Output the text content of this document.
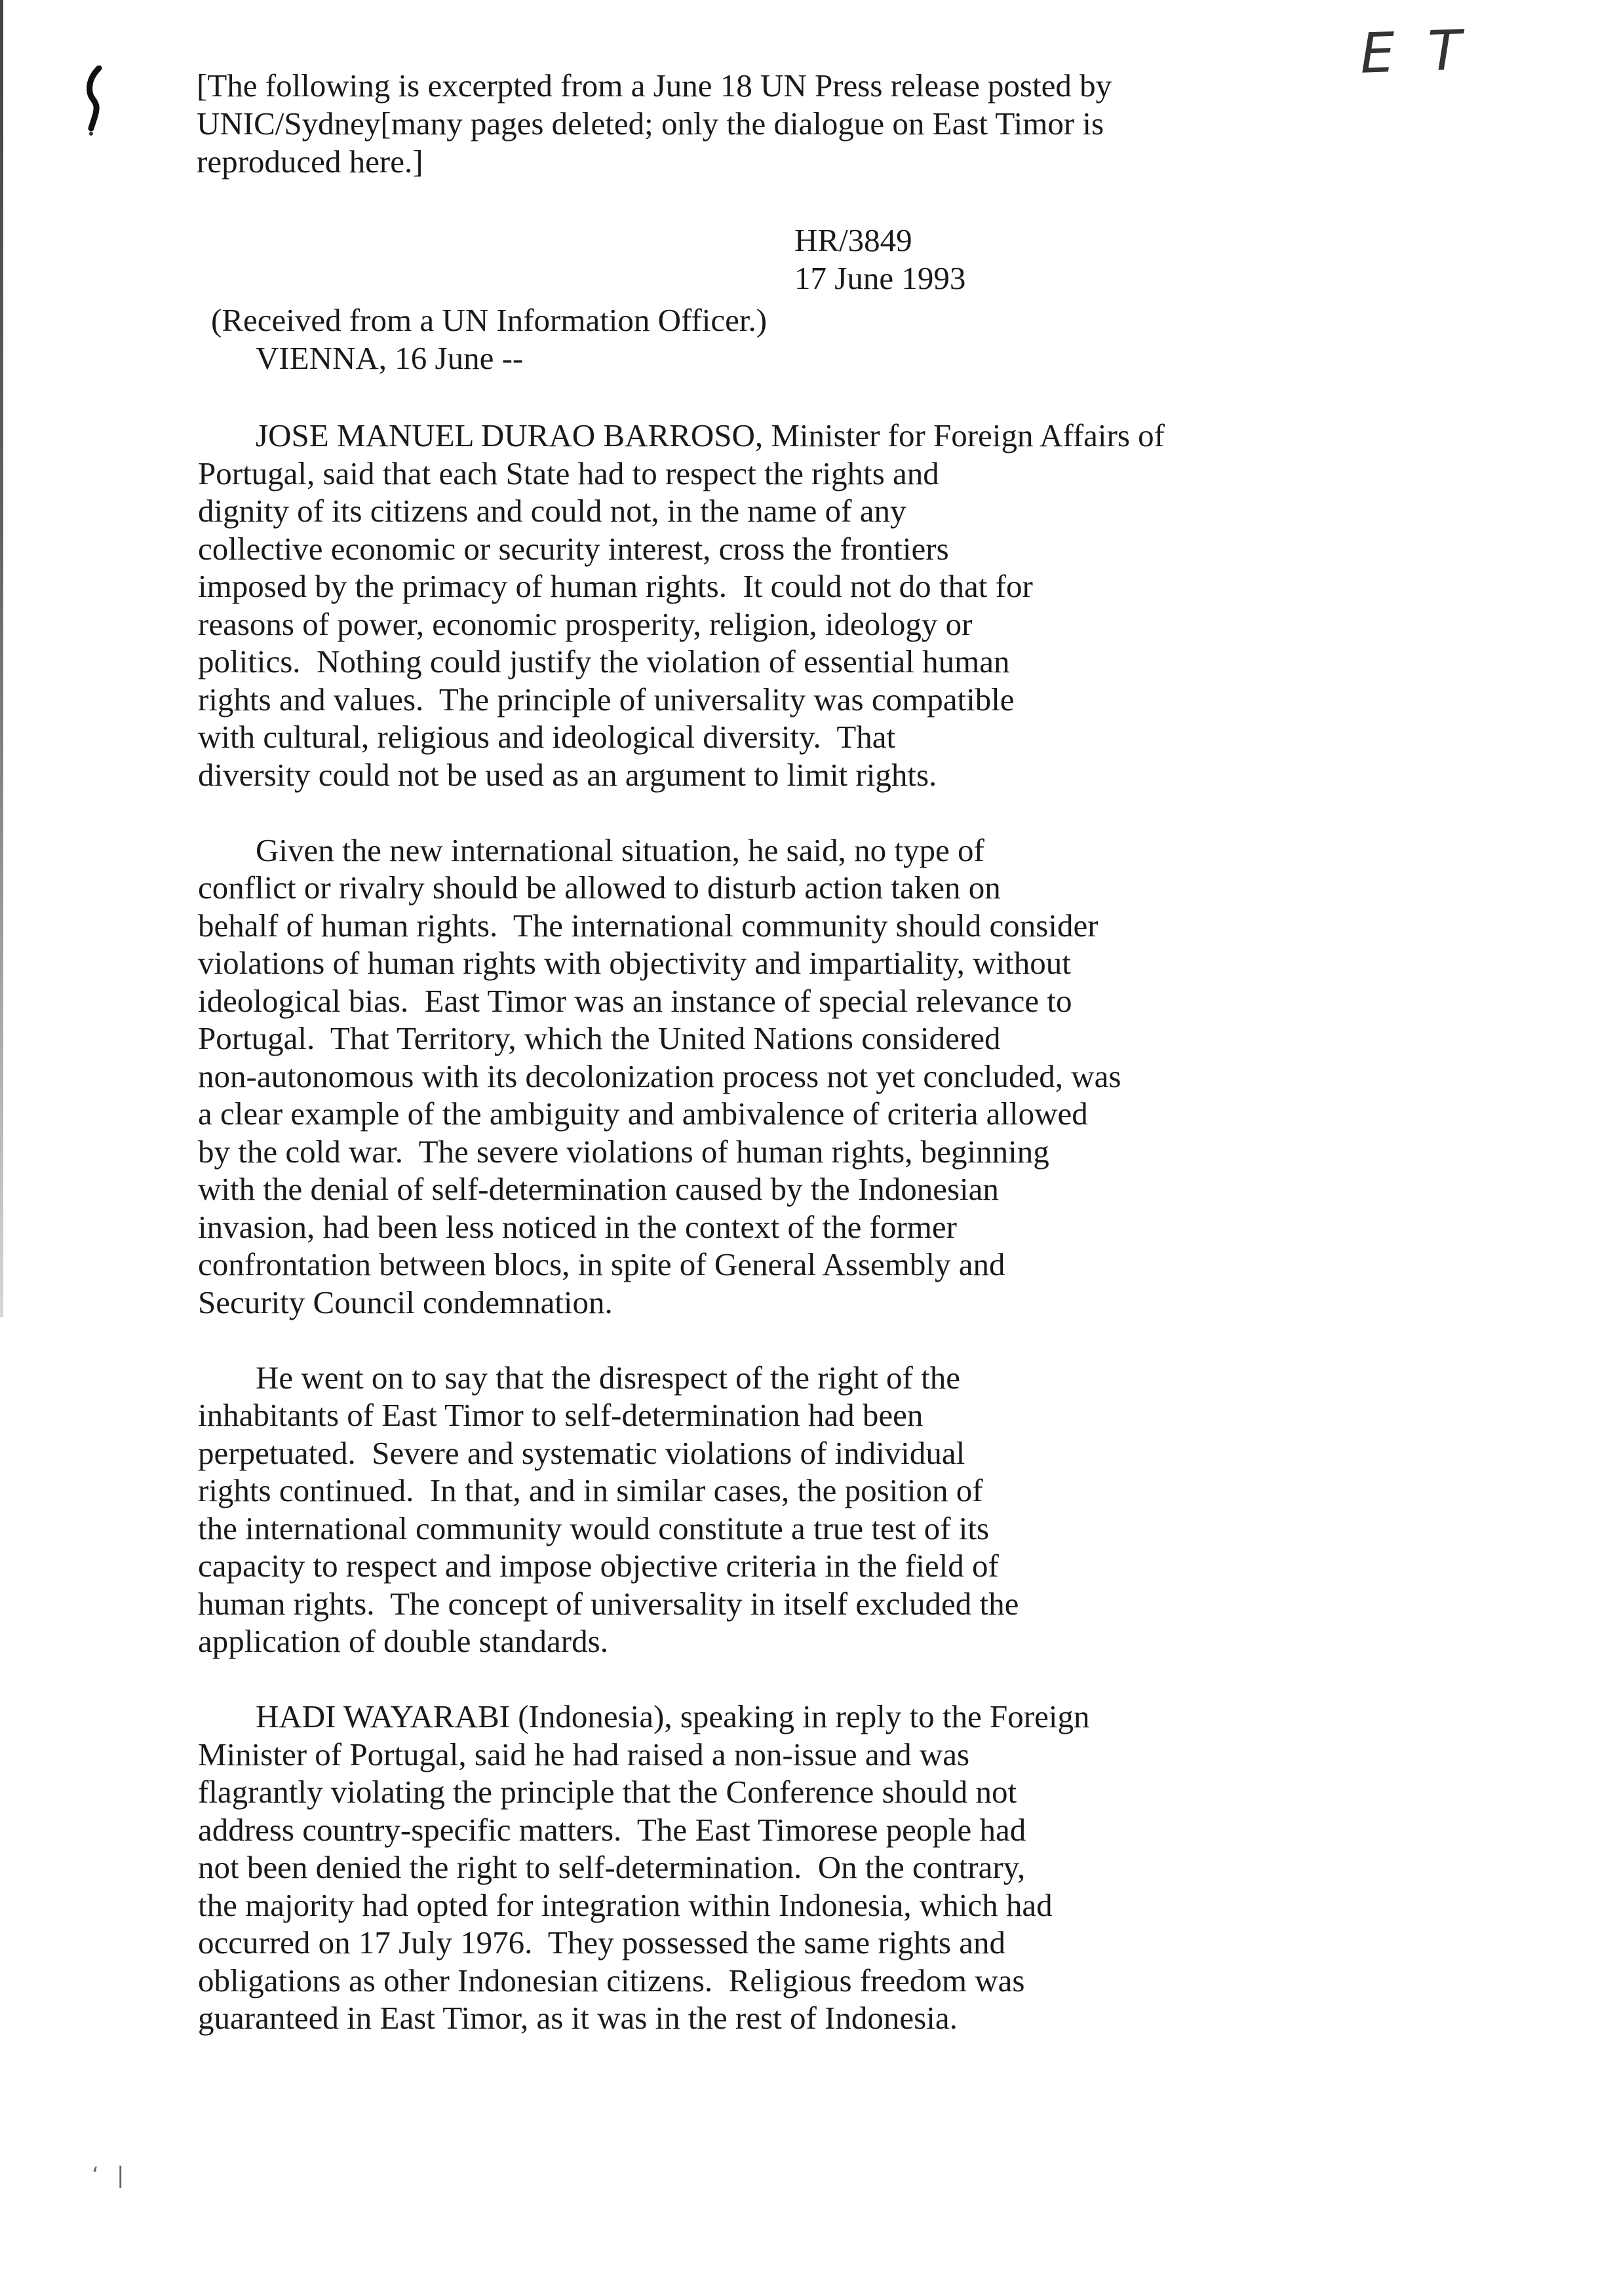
E T
[The following is excerpted from a June 18 UN Press release posted by
UNIC/Sydney[many pages deleted; only the dialogue on East Timor is
reproduced here.]
HR/3849
17 June 1993
(Received from a UN Information Officer.)
VIENNA, 16 June --
JOSE MANUEL DURAO BARROSO, Minister for Foreign Affairs of
Portugal, said that each State had to respect the rights and
dignity of its citizens and could not, in the name of any
collective economic or security interest, cross the frontiers
imposed by the primacy of human rights.  It could not do that for
reasons of power, economic prosperity, religion, ideology or
politics.  Nothing could justify the violation of essential human
rights and values.  The principle of universality was compatible
with cultural, religious and ideological diversity.  That
diversity could not be used as an argument to limit rights.
Given the new international situation, he said, no type of
conflict or rivalry should be allowed to disturb action taken on
behalf of human rights.  The international community should consider
violations of human rights with objectivity and impartiality, without
ideological bias.  East Timor was an instance of special relevance to
Portugal.  That Territory, which the United Nations considered
non-autonomous with its decolonization process not yet concluded, was
a clear example of the ambiguity and ambivalence of criteria allowed
by the cold war.  The severe violations of human rights, beginning
with the denial of self-determination caused by the Indonesian
invasion, had been less noticed in the context of the former
confrontation between blocs, in spite of General Assembly and
Security Council condemnation.
He went on to say that the disrespect of the right of the
inhabitants of East Timor to self-determination had been
perpetuated.  Severe and systematic violations of individual
rights continued.  In that, and in similar cases, the position of
the international community would constitute a true test of its
capacity to respect and impose objective criteria in the field of
human rights.  The concept of universality in itself excluded the
application of double standards.
HADI WAYARABI (Indonesia), speaking in reply to the Foreign
Minister of Portugal, said he had raised a non-issue and was
flagrantly violating the principle that the Conference should not
address country-specific matters.  The East Timorese people had
not been denied the right to self-determination.  On the contrary,
the majority had opted for integration within Indonesia, which had
occurred on 17 July 1976.  They possessed the same rights and
obligations as other Indonesian citizens.  Religious freedom was
guaranteed in East Timor, as it was in the rest of Indonesia.
‘    |
